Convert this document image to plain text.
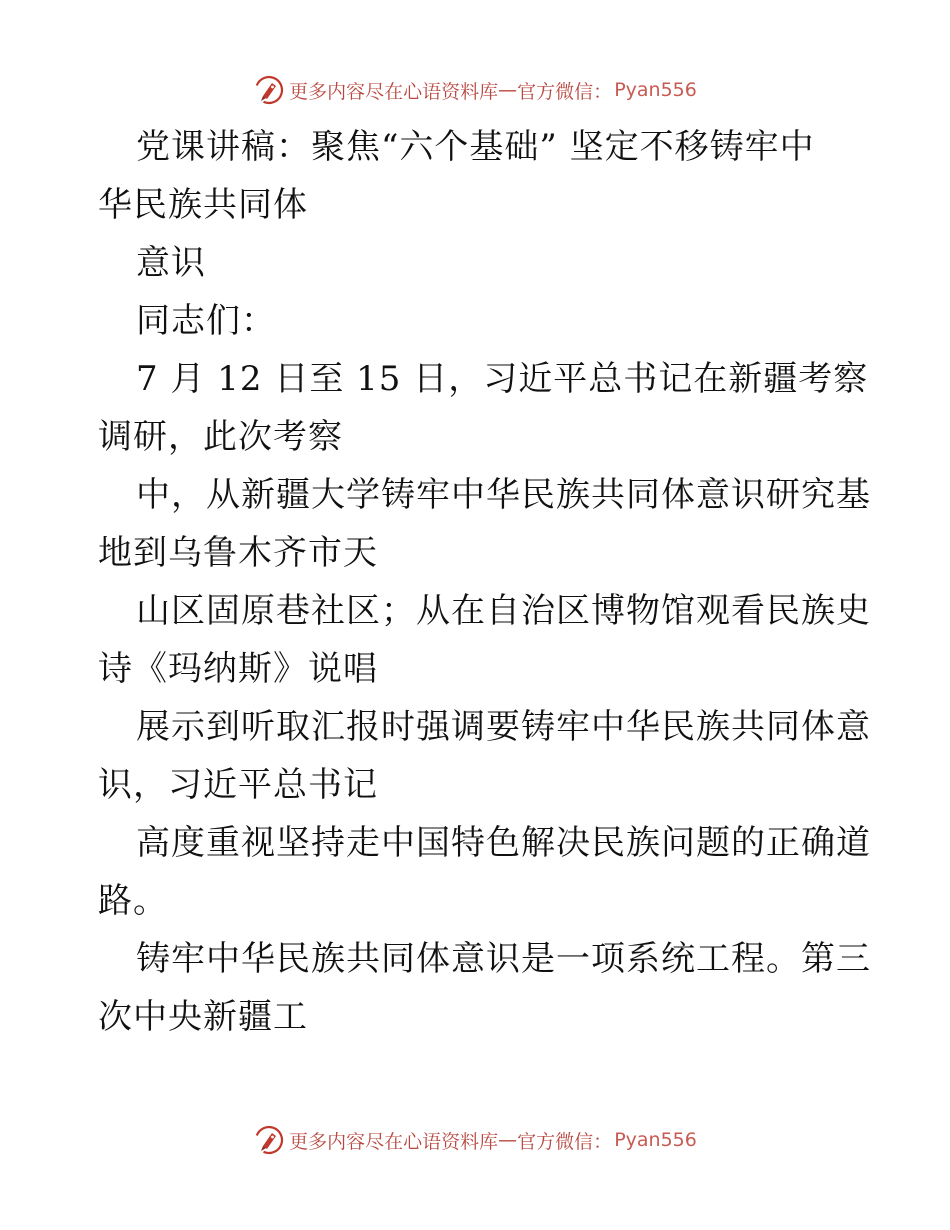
更多内容尽在心语资料库 — 官方微信： Pyan556
党课讲稿：聚焦“六个基础” 坚定不移铸牢中
华民族共同体
意识
同志们：
7 月 12 日至 15 日，习近平总书记在新疆考察
调研，此次考察
中，从新疆大学铸牢中华民族共同体意识研究基
地到乌鲁木齐市天
山区固原巷社区；从在自治区博物馆观看民族史
诗《玛纳斯》说唱
展示到听取汇报时强调要铸牢中华民族共同体意
识，习近平总书记
高度重视坚持走中国特色解决民族问题的正确道
路。
铸牢中华民族共同体意识是一项系统工程。第三
次中央新疆工
更多内容尽在心语资料库 — 官方微信： Pyan556
